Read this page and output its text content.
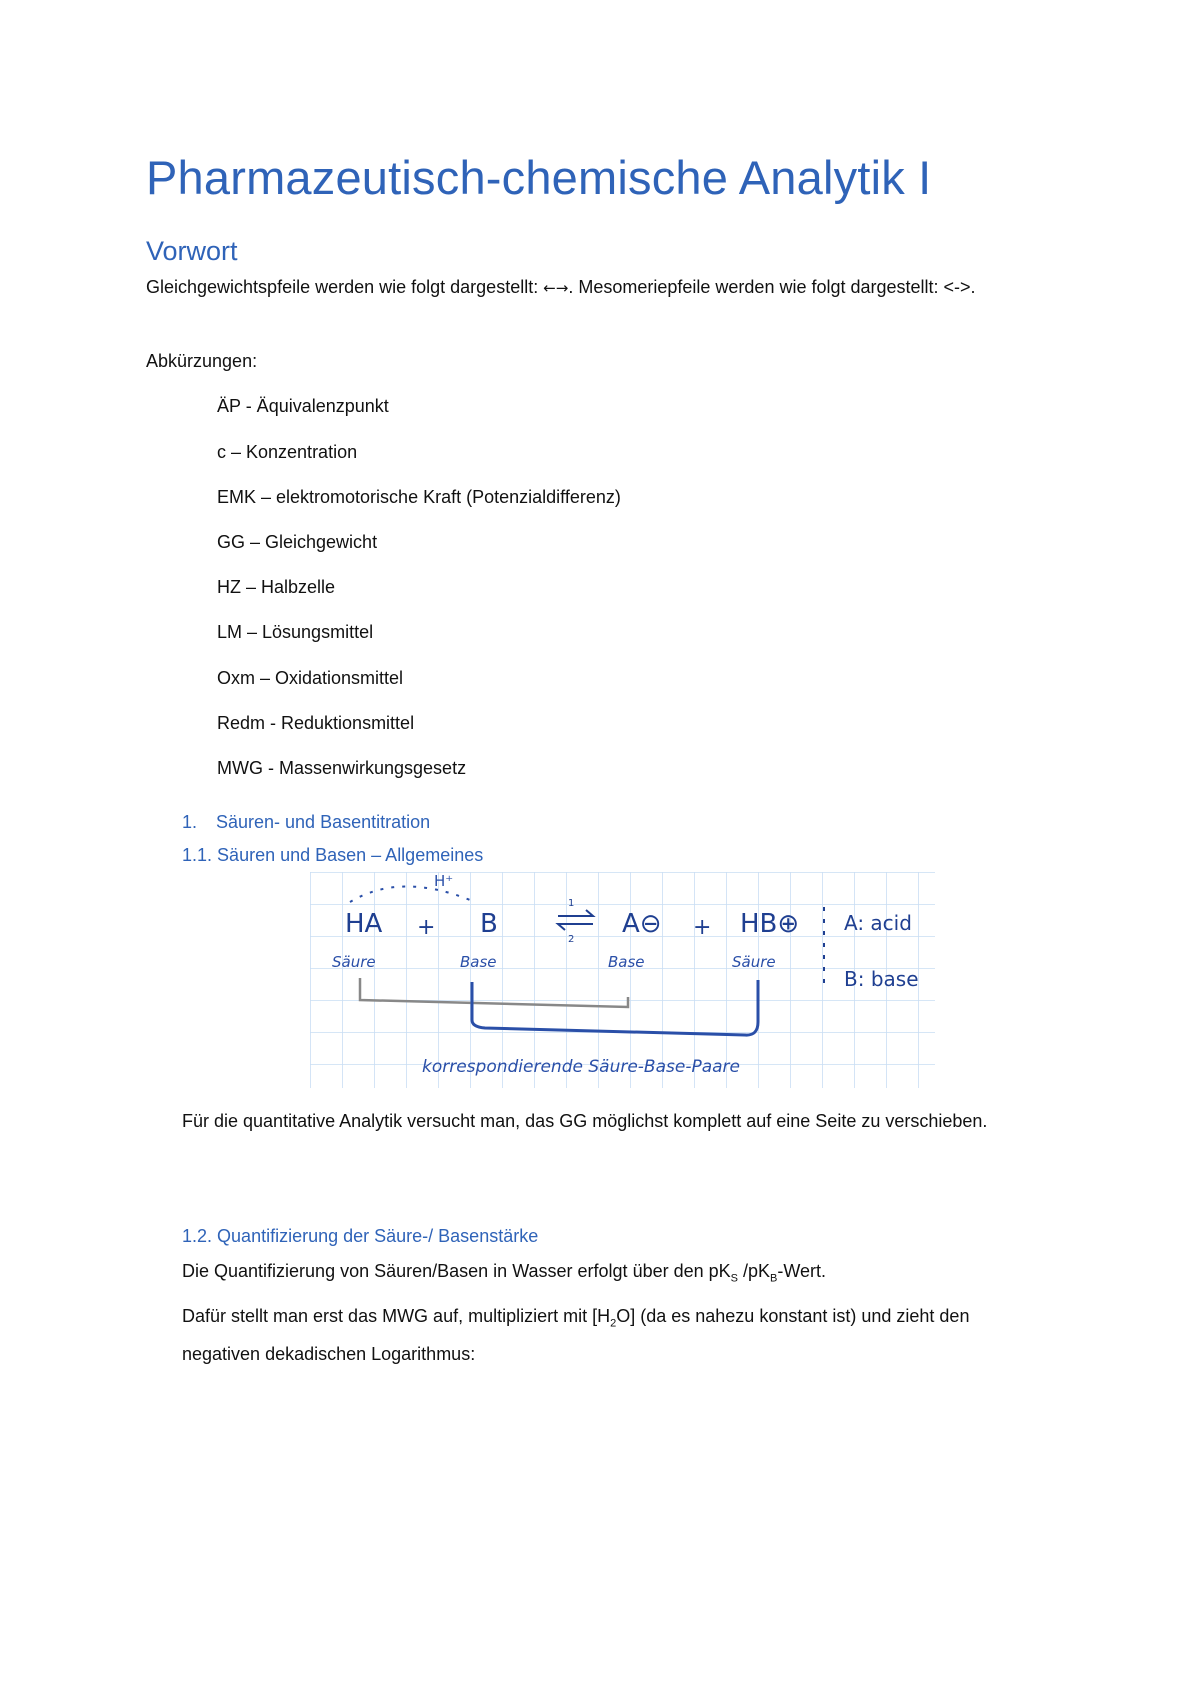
Pharmazeutisch-chemische Analytik I
Vorwort
Gleichgewichtspfeile werden wie folgt dargestellt: ←→. Mesomeriepfeile werden wie folgt dargestellt: <->.
Abkürzungen:
ÄP - Äquivalenzpunkt
c – Konzentration
EMK – elektromotorische Kraft (Potenzialdifferenz)
GG – Gleichgewicht
HZ – Halbzelle
LM – Lösungsmittel
Oxm – Oxidationsmittel
Redm - Reduktionsmittel
MWG - Massenwirkungsgesetz
1. Säuren- und Basentitration
1.1. Säuren und Basen – Allgemeines
H⁺
HA + B
1
2
A⊖ + HB⊕ A: acid
B: base
Säure	Base	Base	Säure
korrespondierende Säure-Base-Paare
Für die quantitative Analytik versucht man, das GG möglichst komplett auf eine Seite zu verschieben.
1.2. Quantifizierung der Säure-/ Basenstärke
Die Quantifizierung von Säuren/Basen in Wasser erfolgt über den $pK_S$ $/pK_B$-Wert.
Dafür stellt man erst das MWG auf, multipliziert mit $[H_2O]$ (da es nahezu konstant ist) und zieht den negativen dekadischen Logarithmus:
